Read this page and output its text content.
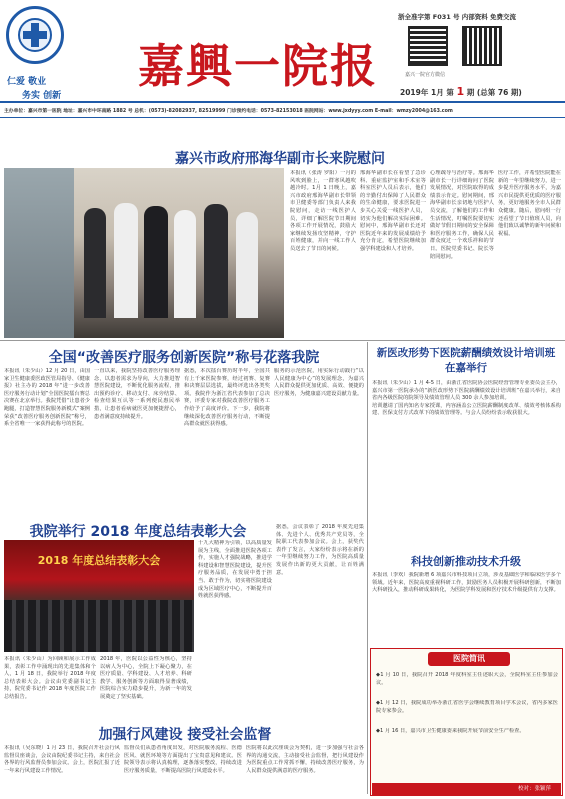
仁爱 敬业
务实 创新
嘉興一院报
浙全准字第 F031 号 内部资料 免费交流
嘉兴一院官方微信
2019年 1月 第 1 期 (总第 76 期)
主办单位：嘉兴市第一医院 地址：嘉兴市中环南路 1882 号 总机：(0573)-82082937, 82519999 门诊预约电话：0573-82153018 医院网站：www.jxdyyy.com E-mail：wmzy2004@163.com
嘉兴市政府邢海华副市长来院慰问
本报讯（张涛 罗阳）一月的风吹到脸上，一群寒风越吹越冷时。1月 1 日晚上，嘉兴市政府邢海华副市长带领市卫健委等部门负责人来我院慰问，走访一线医护人员，详细了解医院节日期间各项工作开展情况，鼓励大家继续发扬攻坚精神，守护百姓健康，并向一线工作人员送去了节日的问候。
邢海华副市长在看望了急诊科、重症监护室和手术室等科室医护人员后表示，他们的辛勤付出保障了人民群众的生命健康，要求医院进一步关心关爱一线医护人员，切实为他们解决实际困难。慰问中，邢海华副市长还对医院近年来的发展成绩给予充分肯定，希望医院继续加强学科建设和人才培养。
心理疏导与治疗等。邢海华副市长一行详细询问了医院发展情况，对医院取得的成绩表示肯定。慰问期间，邢海华副市长亲切地与医护人员交流，了解他们的工作和生活情况，叮嘱医院要切实做好节假日期间的安全保障和医疗服务工作，确保人民群众度过一个欢乐祥和的节日。医院党委书记、院长等陪同慰问。
医疗工作，并希望医院能在新的一年里继续努力，进一步提升医疗服务水平，为嘉兴市民提供更优质的医疗服务，更好地服务全市人民群众健康。随后，慰问组一行还看望了节日值班人员，向他们致以诚挚的新年问候和祝福。
全国“改善医疗服务创新医院”称号花落我院
本报讯（朱少山）12 月 20 日，由国家卫生健康委医政医管局指导、《健康报》社主办的 2018 年“进一步改善医疗服务行动计划”全国医院擂台赛总决赛在北京举行。我院凭借“让患者少跑腿，打造智慧医院服务新模式”案例荣获“改善医疗服务创新医院”称号，系全省唯一一家获得此称号的医院。
一直以来，我院坚持改善医疗服务理念，以患者需求为导向，大力推进智慧医院建设，不断优化服务流程，推出预约诊疗、移动支付、床旁结算、检查结果互认等一系列便民惠民举措，让患者看病就医更加便捷舒心，患者满意度持续提升。
据悉，本次擂台赛历时半年，全国共有上千家医院参赛，经过初赛、复赛和决赛层层选拔，最终评选出各类奖项。我院作为浙江省代表参加了总决赛，评委专家对我院改善医疗服务工作给予了高度评价。下一步，我院将继续深化改善医疗服务行动，不断提高群众就医获得感。
服务的示范医院，用实际行动践行“以人民健康为中心”的发展理念，为嘉兴人民群众提供更加优质、高效、便捷的医疗服务，为健康嘉兴建设贡献力量。
我院举行 2018 年度总结表彰大会
2018 年度总结表彰大会
据悉，会议表彰了 2018 年度先进集体、先进个人、优秀共产党员等，全院职工代表参加会议。会上，获奖代表作了发言，大家纷纷表示将在新的一年里继续努力工作，为医院高质量发展作出新的更大贡献，让百姓满意。
十九大精神为引领，以高质量发展为主线，全面推进医院各项工作，实施人才强院战略，推进学科建设和智慧医院建设，提升医疗服务品质，在发展中勇于担当、敢于作为，切实将医院建设成为区域医疗中心，不断提升百姓就医获得感。
本报讯（朱少山）为回顾和展示工作成果，表彰工作中涌现出的先进集体和个人，1 月 18 日，我院举行 2018 年度总结表彰大会。会议由党委副书记主持，院党委书记作 2018 年度医院工作总结报告。
2018 年，医院以公益性为核心，坚持以病人为中心，全院上下凝心聚力，在医疗质量、学科建设、人才培养、科研教学、服务创新等方面取得显著成绩，医院综合实力稳步提升，为新一年的发展奠定了坚实基础。
加强行风建设 接受社会监督
本报讯（吴东晓）1 月 23 日，我院召开社会行风监督员座谈会，会议由院纪委书记主持，来自社会各界的行风监督员参加会议。会上，医院汇报了近一年来行风建设工作情况。
监督员们从患者角度出发，对医院服务流程、医德医风、就医环境等方面提出了宝贵意见和建议。医院领导表示将认真梳理，逐条落实整改，持续改进医疗服务质量，不断提高医院行风建设水平。
医院将以此次座谈会为契机，进一步加强与社会各界的沟通交流，主动接受社会监督，把行风建设作为医院重点工作常抓不懈，持续改善医疗服务，为人民群众提供满意的医疗服务。
新医改形势下医院薪酬绩效设计培训班在嘉举行
本报讯（朱少山）1 月 4-5 日，由浙江省医院协会医院经营管理专业委员会主办，嘉兴市第一医院承办的“新医改形势下医院薪酬绩效设计培训班”在嘉兴举行，来自省内各级医院的院领导及绩效管理人员 300 余人参加培训。
培训邀请了国内知名专家授课，内容涵盖公立医院薪酬制度改革、绩效考核体系构建、医保支付方式改革下的绩效管理等。与会人员纷纷表示收获很大。
科技创新推动技术升级
本报讯（李欢）我院新增 6 项嘉兴市科技项目立项，涉及基础医学和临床医学多个领域。近年来，医院高度重视科研工作，鼓励医务人员积极开展科研创新，不断加大科研投入，推动科研成果转化，为医院学科发展和医疗技术升级提供有力支撑。
医院简讯
◆1 月 10 日，我院召开 2018 年度科室主任述职大会，全院科室主任参加会议。
◆1 月 12 日，我院成功举办浙江省医学会继续教育项目学术会议，省内多家医院专家参会。
◆1 月 16 日，嘉兴市卫生健康委来我院开展节前安全生产检查。
校对：张颖萍
